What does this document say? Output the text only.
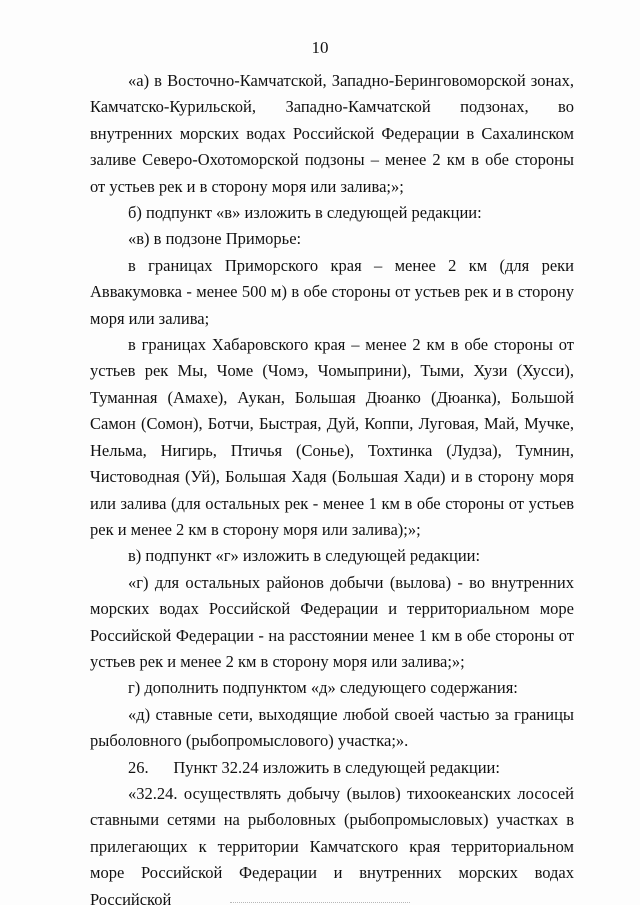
10

«а) в Восточно-Камчатской, Западно-Беринговоморской зонах, Камчатско-Курильской, Западно-Камчатской подзонах, во внутренних морских водах Российской Федерации в Сахалинском заливе Северо-Охотоморской подзоны – менее 2 км в обе стороны от устьев рек и в сторону моря или залива;»;

б) подпункт «в» изложить в следующей редакции:

«в) в подзоне Приморье:

в границах Приморского края – менее 2 км (для реки Аввакумовка - менее 500 м) в обе стороны от устьев рек и в сторону моря или залива;

в границах Хабаровского края – менее 2 км в обе стороны от устьев рек Мы, Чоме (Чомэ, Чомыприни), Тыми, Хузи (Хусси), Туманная (Амахе), Аукан, Большая Дюанко (Дюанка), Большой Самон (Сомон), Ботчи, Быстрая, Дуй, Коппи, Луговая, Май, Мучке, Нельма, Нигирь, Птичья (Сонье), Тохтинка (Лудза), Тумнин, Чистоводная (Уй), Большая Хадя (Большая Хади) и в сторону моря или залива (для остальных рек - менее 1 км в обе стороны от устьев рек и менее 2 км в сторону моря или залива);»;

в) подпункт «г» изложить в следующей редакции:

«г) для остальных районов добычи (вылова) - во внутренних морских водах Российской Федерации и территориальном море Российской Федерации - на расстоянии менее 1 км в обе стороны от устьев рек и менее 2 км в сторону моря или залива;»;

г) дополнить подпунктом «д» следующего содержания:

«д) ставные сети, выходящие любой своей частью за границы рыболовного (рыбопромыслового) участка;».

26.  Пункт 32.24 изложить в следующей редакции:

«32.24. осуществлять добычу (вылов) тихоокеанских лососей ставными сетями на рыболовных (рыбопромысловых) участках в прилегающих к территории Камчатского края территориальном море Российской Федерации и внутренних морских водах Российской
